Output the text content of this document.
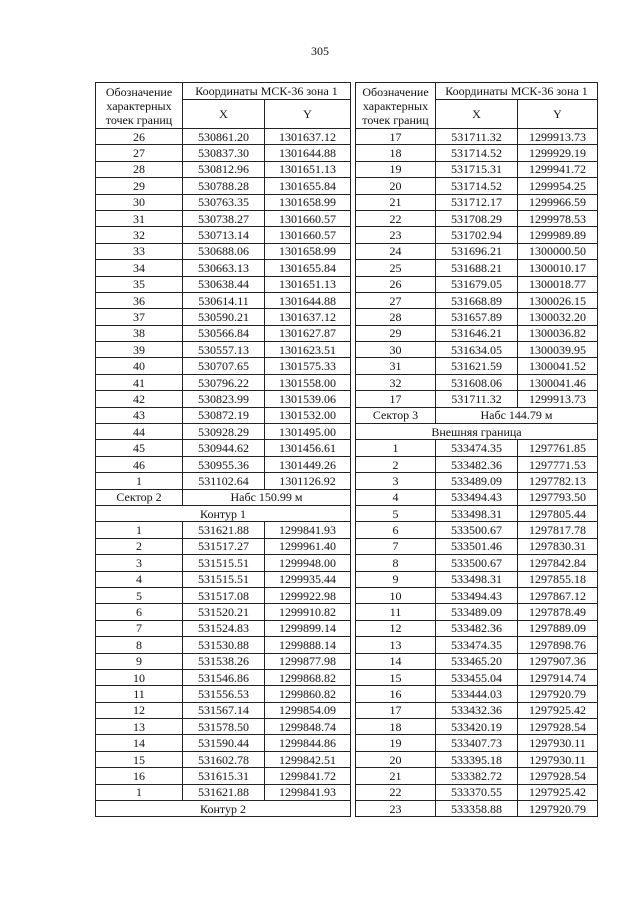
305
Обозначение характерных точек границ	Координаты МСК-36 зона 1	
	X	Y
26	530861.20	1301637.12
27	530837.30	1301644.88
28	530812.96	1301651.13
29	530788.28	1301655.84
30	530763.35	1301658.99
31	530738.27	1301660.57
32	530713.14	1301660.57
33	530688.06	1301658.99
34	530663.13	1301655.84
35	530638.44	1301651.13
36	530614.11	1301644.88
37	530590.21	1301637.12
38	530566.84	1301627.87
39	530557.13	1301623.51
40	530707.65	1301575.33
41	530796.22	1301558.00
42	530823.99	1301539.06
43	530872.19	1301532.00
44	530928.29	1301495.00
45	530944.62	1301456.61
46	530955.36	1301449.26
1	531102.64	1301126.92
Сектор 2	Набс 150.99 м	
Контур 1		
1	531621.88	1299841.93
2	531517.27	1299961.40
3	531515.51	1299948.00
4	531515.51	1299935.44
5	531517.08	1299922.98
6	531520.21	1299910.82
7	531524.83	1299899.14
8	531530.88	1299888.14
9	531538.26	1299877.98
10	531546.86	1299868.82
11	531556.53	1299860.82
12	531567.14	1299854.09
13	531578.50	1299848.74
14	531590.44	1299844.86
15	531602.78	1299842.51
16	531615.31	1299841.72
1	531621.88	1299841.93
Контур 2		
Обозначение характерных точек границ	Координаты МСК-36 зона 1	
	X	Y
17	531711.32	1299913.73
18	531714.52	1299929.19
19	531715.31	1299941.72
20	531714.52	1299954.25
21	531712.17	1299966.59
22	531708.29	1299978.53
23	531702.94	1299989.89
24	531696.21	1300000.50
25	531688.21	1300010.17
26	531679.05	1300018.77
27	531668.89	1300026.15
28	531657.89	1300032.20
29	531646.21	1300036.82
30	531634.05	1300039.95
31	531621.59	1300041.52
32	531608.06	1300041.46
17	531711.32	1299913.73
Сектор 3	Набс 144.79 м	
Внешняя граница		
1	533474.35	1297761.85
2	533482.36	1297771.53
3	533489.09	1297782.13
4	533494.43	1297793.50
5	533498.31	1297805.44
6	533500.67	1297817.78
7	533501.46	1297830.31
8	533500.67	1297842.84
9	533498.31	1297855.18
10	533494.43	1297867.12
11	533489.09	1297878.49
12	533482.36	1297889.09
13	533474.35	1297898.76
14	533465.20	1297907.36
15	533455.04	1297914.74
16	533444.03	1297920.79
17	533432.36	1297925.42
18	533420.19	1297928.54
19	533407.73	1297930.11
20	533395.18	1297930.11
21	533382.72	1297928.54
22	533370.55	1297925.42
23	533358.88	1297920.79
